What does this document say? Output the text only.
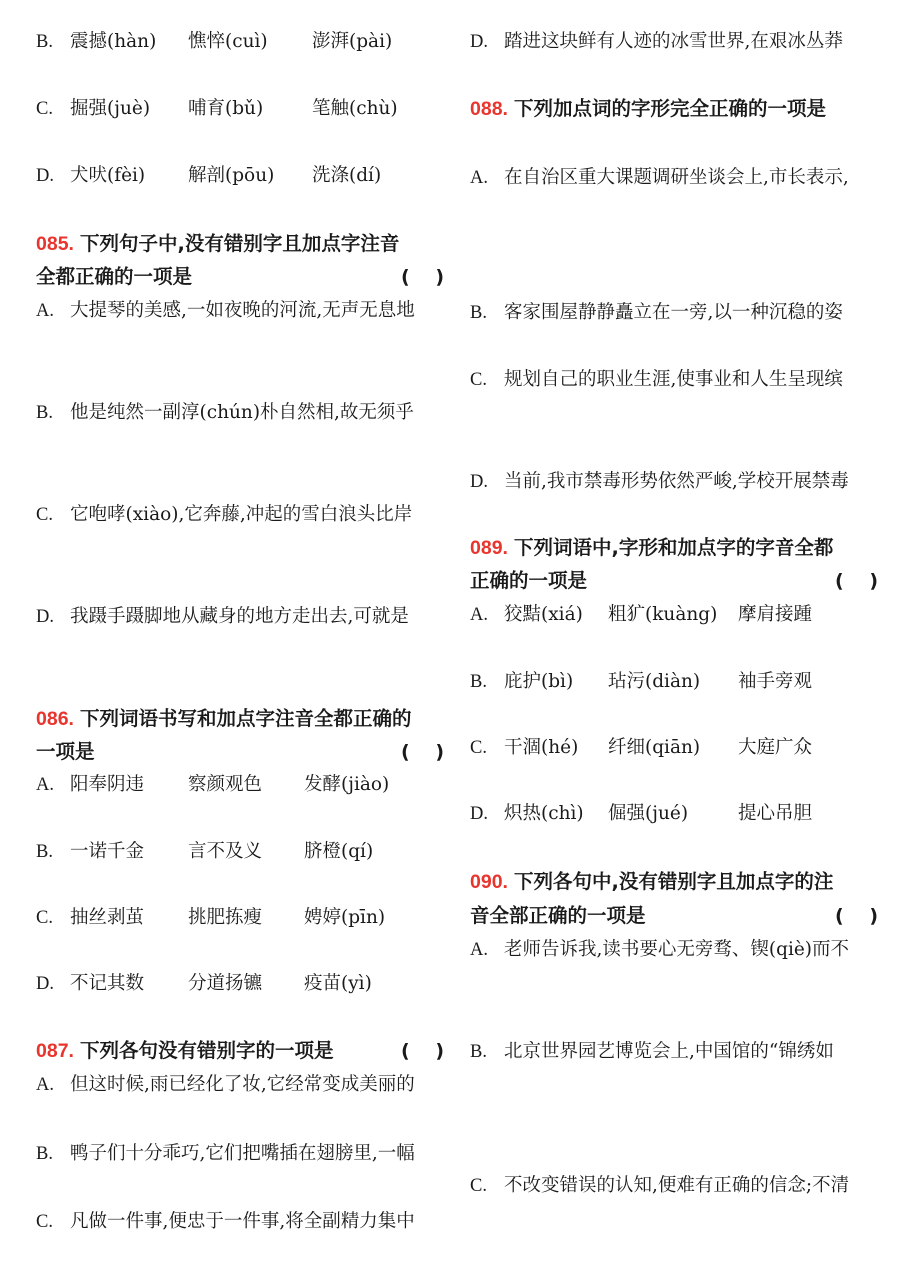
B. 震撼(hàn) 憔悴(cuì) 澎湃(pài)
C. 掘强(juè) 哺育(bǔ)	笔触(chù)
D. 犬吠(fèi) 解剖(pōu) 洗涤(dí)
085. 下列句子中,没有错别字且加点字注音
全都正确的一项是	(　 )
A. 大提琴的美感,一如夜晚的河流,无声无息地
B. 他是纯然一副淳(chún)朴自然相,故无须乎
C. 它咆哮(xiào),它奔藤,冲起的雪白浪头比岸
D. 我蹑手蹑脚地从藏身的地方走出去,可就是
086. 下列词语书写和加点字注音全都正确的
一项是	(　 )
A. 阳奉阴违 察颜观色 发酵(jiào)
B. 一诺千金 言不及义 脐橙(qí)
C. 抽丝剥茧 挑肥拣瘦 娉婷(pīn)
D. 不记其数 分道扬镳 疫苗(yì)
087. 下列各句没有错别字的一项是	(　 )
A. 但这时候,雨已经化了妆,它经常变成美丽的
B. 鸭子们十分乖巧,它们把嘴插在翅膀里,一幅
C. 凡做一件事,便忠于一件事,将全副精力集中
D. 踏进这块鲜有人迹的冰雪世界,在艰冰丛莽
088. 下列加点词的字形完全正确的一项是
A. 在自治区重大课题调研坐谈会上,市长表示,
B. 客家围屋静静矗立在一旁,以一种沉稳的姿
C. 规划自己的职业生涯,使事业和人生呈现缤
D. 当前,我市禁毒形势依然严峻,学校开展禁毒
089. 下列词语中,字形和加点字的字音全都
正确的一项是	(　 )
A. 狡黠(xiá) 粗犷(kuàng) 摩肩接踵
B. 庇护(bì) 玷污(diàn) 袖手旁观
C. 干涸(hé) 纤细(qiān) 大庭广众
D. 炽热(chì) 倔强(jué)	提心吊胆
090. 下列各句中,没有错别字且加点字的注
音全部正确的一项是	(　 )
A. 老师告诉我,读书要心无旁骛、锲(qiè)而不
B. 北京世界园艺博览会上,中国馆的“锦绣如
C. 不改变错误的认知,便难有正确的信念;不清
